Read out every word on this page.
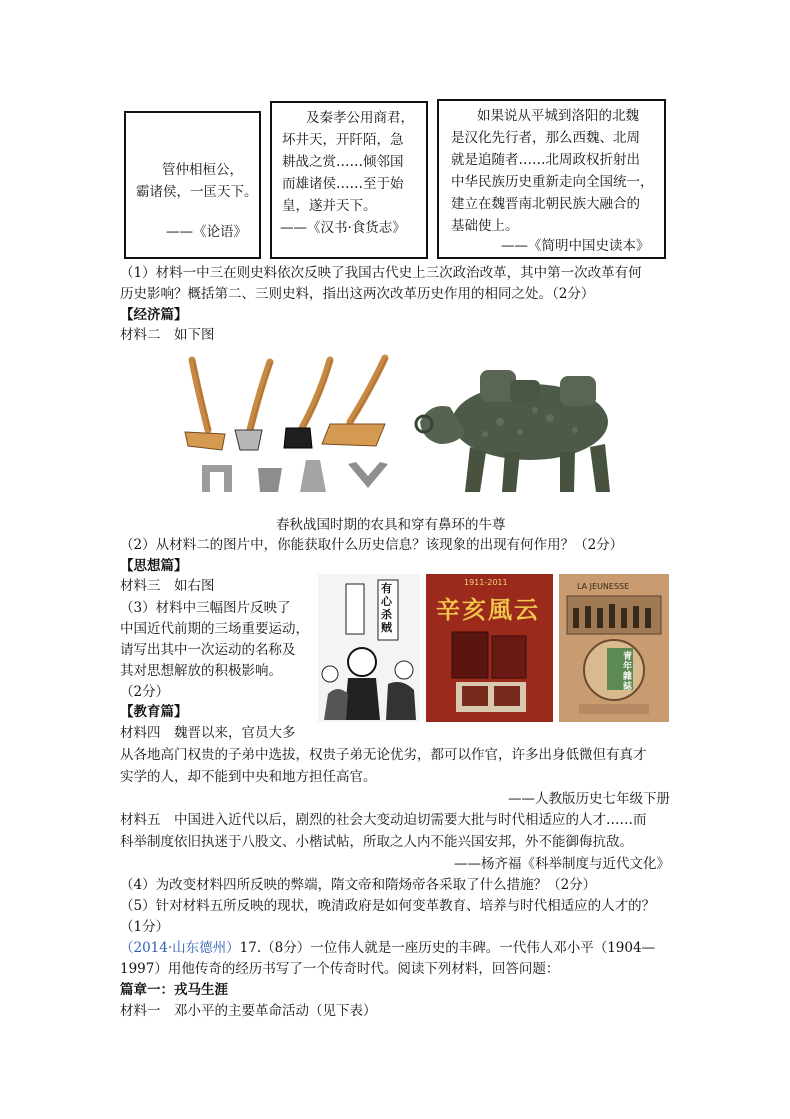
管仲相桓公，

霸诸侯，一匡天下。

——《论语》

及秦孝公用商君，

坏井天，开阡陌，急

耕战之赏……倾邻国

而雄诸侯……至于始

皇，遂并天下。

——《汉书·食货志》

如果说从平城到洛阳的北魏

是汉化先行者，那么西魏、北周

就是追随者……北周政权折射出

中华民族历史重新走向全国统一，

建立在魏晋南北朝民族大融合的

基础使上。

——《简明中国史读本》

（1）材料一中三在则史料依次反映了我国古代史上三次政治改革，其中第一次改革有何
历史影响？概括第二、三则史料，指出这两次改革历史作用的相同之处。（2分）
【经济篇】
材料二　如下图
春秋战国时期的农具和穿有鼻环的牛尊
（2）从材料二的图片中，你能获取什么历史信息？该现象的出现有何作用？（2分）
【思想篇】
材料三　如右图
（3）材料中三幅图片反映了
中国近代前期的三场重要运动，
请写出其中一次运动的名称及
其对思想解放的积极影响。
（2分）
有心杀贼
1911-2011
辛亥風云
LA JEUNESSE
青年雜誌
【教育篇】
材料四　魏晋以来，官员大多
从各地高门权贵的子弟中选拔，权贵子弟无论优劣，都可以作官，许多出身低微但有真才
实学的人，却不能到中央和地方担任高官。
——人教版历史七年级下册
材料五　中国进入近代以后，剧烈的社会大变动迫切需要大批与时代相适应的人才……而
科举制度依旧执迷于八股文、小楷试帖，所取之人内不能兴国安邦，外不能御侮抗敌。
——杨齐福《科举制度与近代文化》
（4）为改变材料四所反映的弊端，隋文帝和隋炀帝各采取了什么措施？（2分）
（5）针对材料五所反映的现状，晚清政府是如何变革教育、培养与时代相适应的人才的？
（1分）
（2014·山东德州）17.（8分）一位伟人就是一座历史的丰碑。一代伟人邓小平（1904—
1997）用他传奇的经历书写了一个传奇时代。阅读下列材料，回答问题：
篇章一：戎马生涯
材料一　邓小平的主要革命活动（见下表）
